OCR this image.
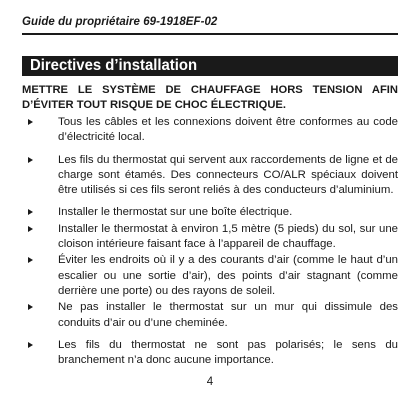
Guide du propriétaire 69-1918EF-02
Directives d’installation
METTRE LE SYSTÈME DE CHAUFFAGE HORS TENSION AFIN D’ÉVITER TOUT RISQUE DE CHOC ÉLECTRIQUE.
Tous les câbles et les connexions doivent être conformes au code d’électricité local.
Les fils du thermostat qui servent aux raccordements de ligne et de charge sont étamés. Des connecteurs CO/ALR spéciaux doivent être utilisés si ces fils seront reliés à des conducteurs d’aluminium.
Installer le thermostat sur une boîte électrique.
Installer le thermostat à environ 1,5 mètre (5 pieds) du sol, sur une cloison intérieure faisant face à l’appareil de chauffage.
Éviter les endroits où il y a des courants d’air (comme le haut d’un escalier ou une sortie d’air), des points d’air stagnant (comme derrière une porte) ou des rayons de soleil.
Ne pas installer le thermostat sur un mur qui dissimule des conduits d’air ou d’une cheminée.
Les fils du thermostat ne sont pas polarisés; le sens du branchement n’a donc aucune importance.
4
